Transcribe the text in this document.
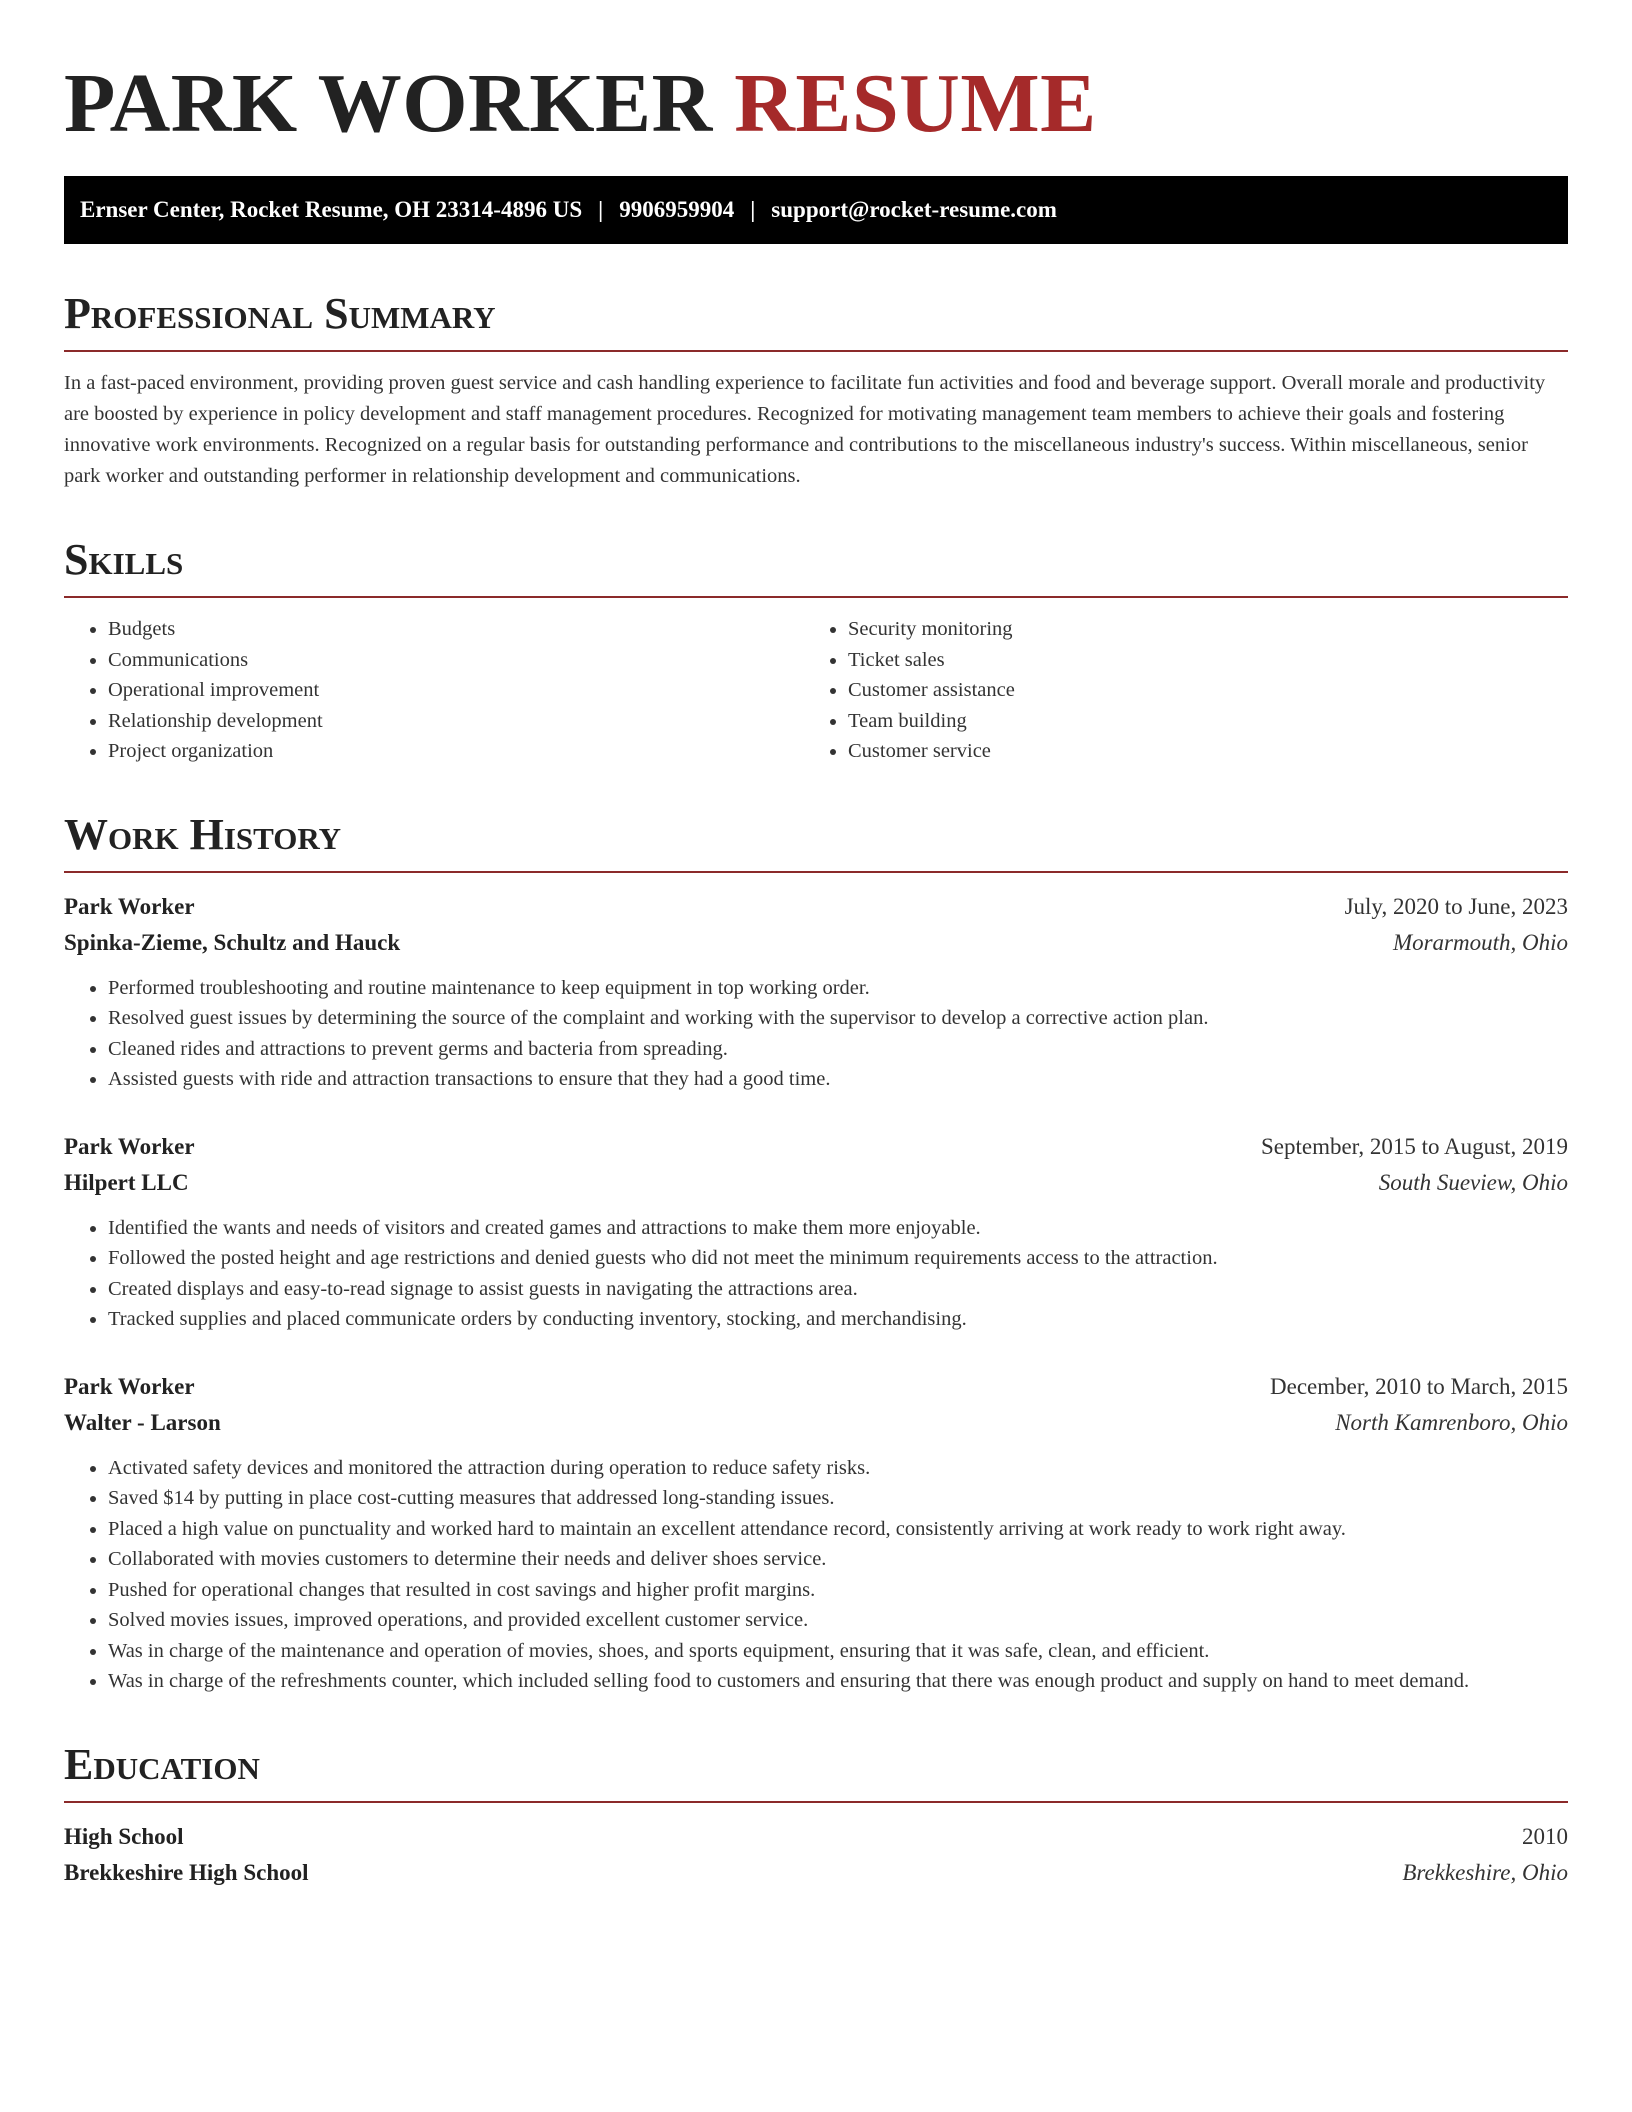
PARK WORKER RESUME
Ernser Center, Rocket Resume, OH 23314-4896 US | 9906959904 | support@rocket-resume.com
Professional Summary

In a fast-paced environment, providing proven guest service and cash handling experience to facilitate fun activities and food and beverage support. Overall morale and productivity are boosted by experience in policy development and staff management procedures. Recognized for motivating management team members to achieve their goals and fostering innovative work environments. Recognized on a regular basis for outstanding performance and contributions to the miscellaneous industry's success. Within miscellaneous, senior park worker and outstanding performer in relationship development and communications.

Skills
• Budgets
• Communications
• Operational improvement
• Relationship development
• Project organization
• Security monitoring
• Ticket sales
• Customer assistance
• Team building
• Customer service
Work History
Park Worker	July, 2020 to June, 2023
Spinka-Zieme, Schultz and Hauck	Morarmouth, Ohio
• Performed troubleshooting and routine maintenance to keep equipment in top working order.
• Resolved guest issues by determining the source of the complaint and working with the supervisor to develop a corrective action plan.
• Cleaned rides and attractions to prevent germs and bacteria from spreading.
• Assisted guests with ride and attraction transactions to ensure that they had a good time.
Park Worker	September, 2015 to August, 2019
Hilpert LLC	South Sueview, Ohio
• Identified the wants and needs of visitors and created games and attractions to make them more enjoyable.
• Followed the posted height and age restrictions and denied guests who did not meet the minimum requirements access to the attraction.
• Created displays and easy-to-read signage to assist guests in navigating the attractions area.
• Tracked supplies and placed communicate orders by conducting inventory, stocking, and merchandising.
Park Worker	December, 2010 to March, 2015
Walter - Larson	North Kamrenboro, Ohio
• Activated safety devices and monitored the attraction during operation to reduce safety risks.
• Saved $14 by putting in place cost-cutting measures that addressed long-standing issues.
• Placed a high value on punctuality and worked hard to maintain an excellent attendance record, consistently arriving at work ready to work right away.
• Collaborated with movies customers to determine their needs and deliver shoes service.
• Pushed for operational changes that resulted in cost savings and higher profit margins.
• Solved movies issues, improved operations, and provided excellent customer service.
• Was in charge of the maintenance and operation of movies, shoes, and sports equipment, ensuring that it was safe, clean, and efficient.
• Was in charge of the refreshments counter, which included selling food to customers and ensuring that there was enough product and supply on hand to meet demand.
Education
High School	2010
Brekkeshire High School	Brekkeshire, Ohio
